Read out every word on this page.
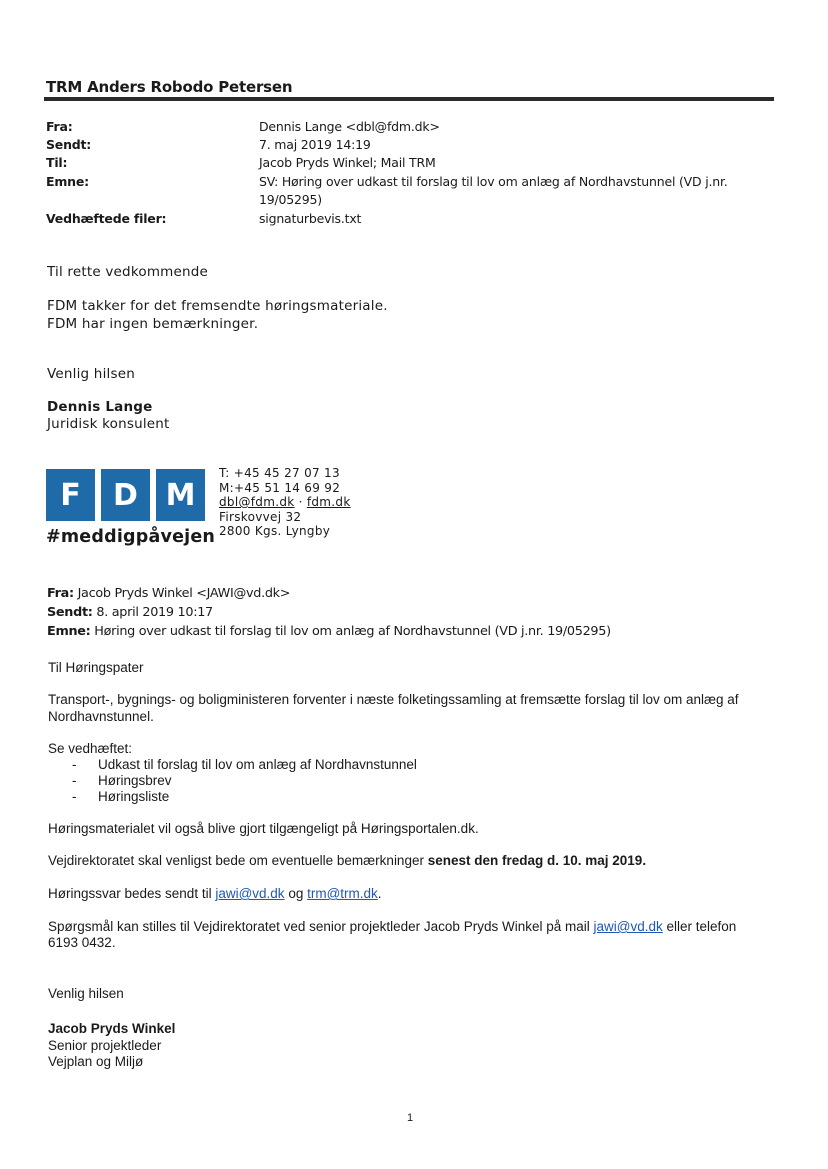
TRM Anders Robodo Petersen
Fra:	Dennis Lange <dbl@fdm.dk>
Sendt:	7. maj 2019 14:19
Til:	Jacob Pryds Winkel; Mail TRM
Emne:	SV: Høring over udkast til forslag til lov om anlæg af Nordhavstunnel (VD j.nr.
19/05295)
Vedhæftede filer:	signaturbevis.txt
Til rette vedkommende
FDM takker for det fremsendte høringsmateriale.
FDM har ingen bemærkninger.
Venlig hilsen
Dennis Lange
Juridisk konsulent
F	D M
#meddigpåvejen
T: +45 45 27 07 13
M:+45 51 14 69 92
dbl@fdm.dk · fdm.dk
Firskovvej 32
2800 Kgs. Lyngby
Fra: Jacob Pryds Winkel <JAWI@vd.dk>
Sendt: 8. april 2019 10:17
Emne: Høring over udkast til forslag til lov om anlæg af Nordhavstunnel (VD j.nr. 19/05295)
Til Høringspater
Transport-, bygnings- og boligministeren forventer i næste folketingssamling at fremsætte forslag til lov om anlæg af
Nordhavnstunnel.
Se vedhæftet:
- Udkast til forslag til lov om anlæg af Nordhavnstunnel
- Høringsbrev
- Høringsliste
Høringsmaterialet vil også blive gjort tilgængeligt på Høringsportalen.dk.
Vejdirektoratet skal venligst bede om eventuelle bemærkninger senest den fredag d. 10. maj 2019.
Høringssvar bedes sendt til jawi@vd.dk og trm@trm.dk.
Spørgsmål kan stilles til Vejdirektoratet ved senior projektleder Jacob Pryds Winkel på mail jawi@vd.dk eller telefon
6193 0432.
Venlig hilsen
Jacob Pryds Winkel
Senior projektleder
Vejplan og Miljø
1
